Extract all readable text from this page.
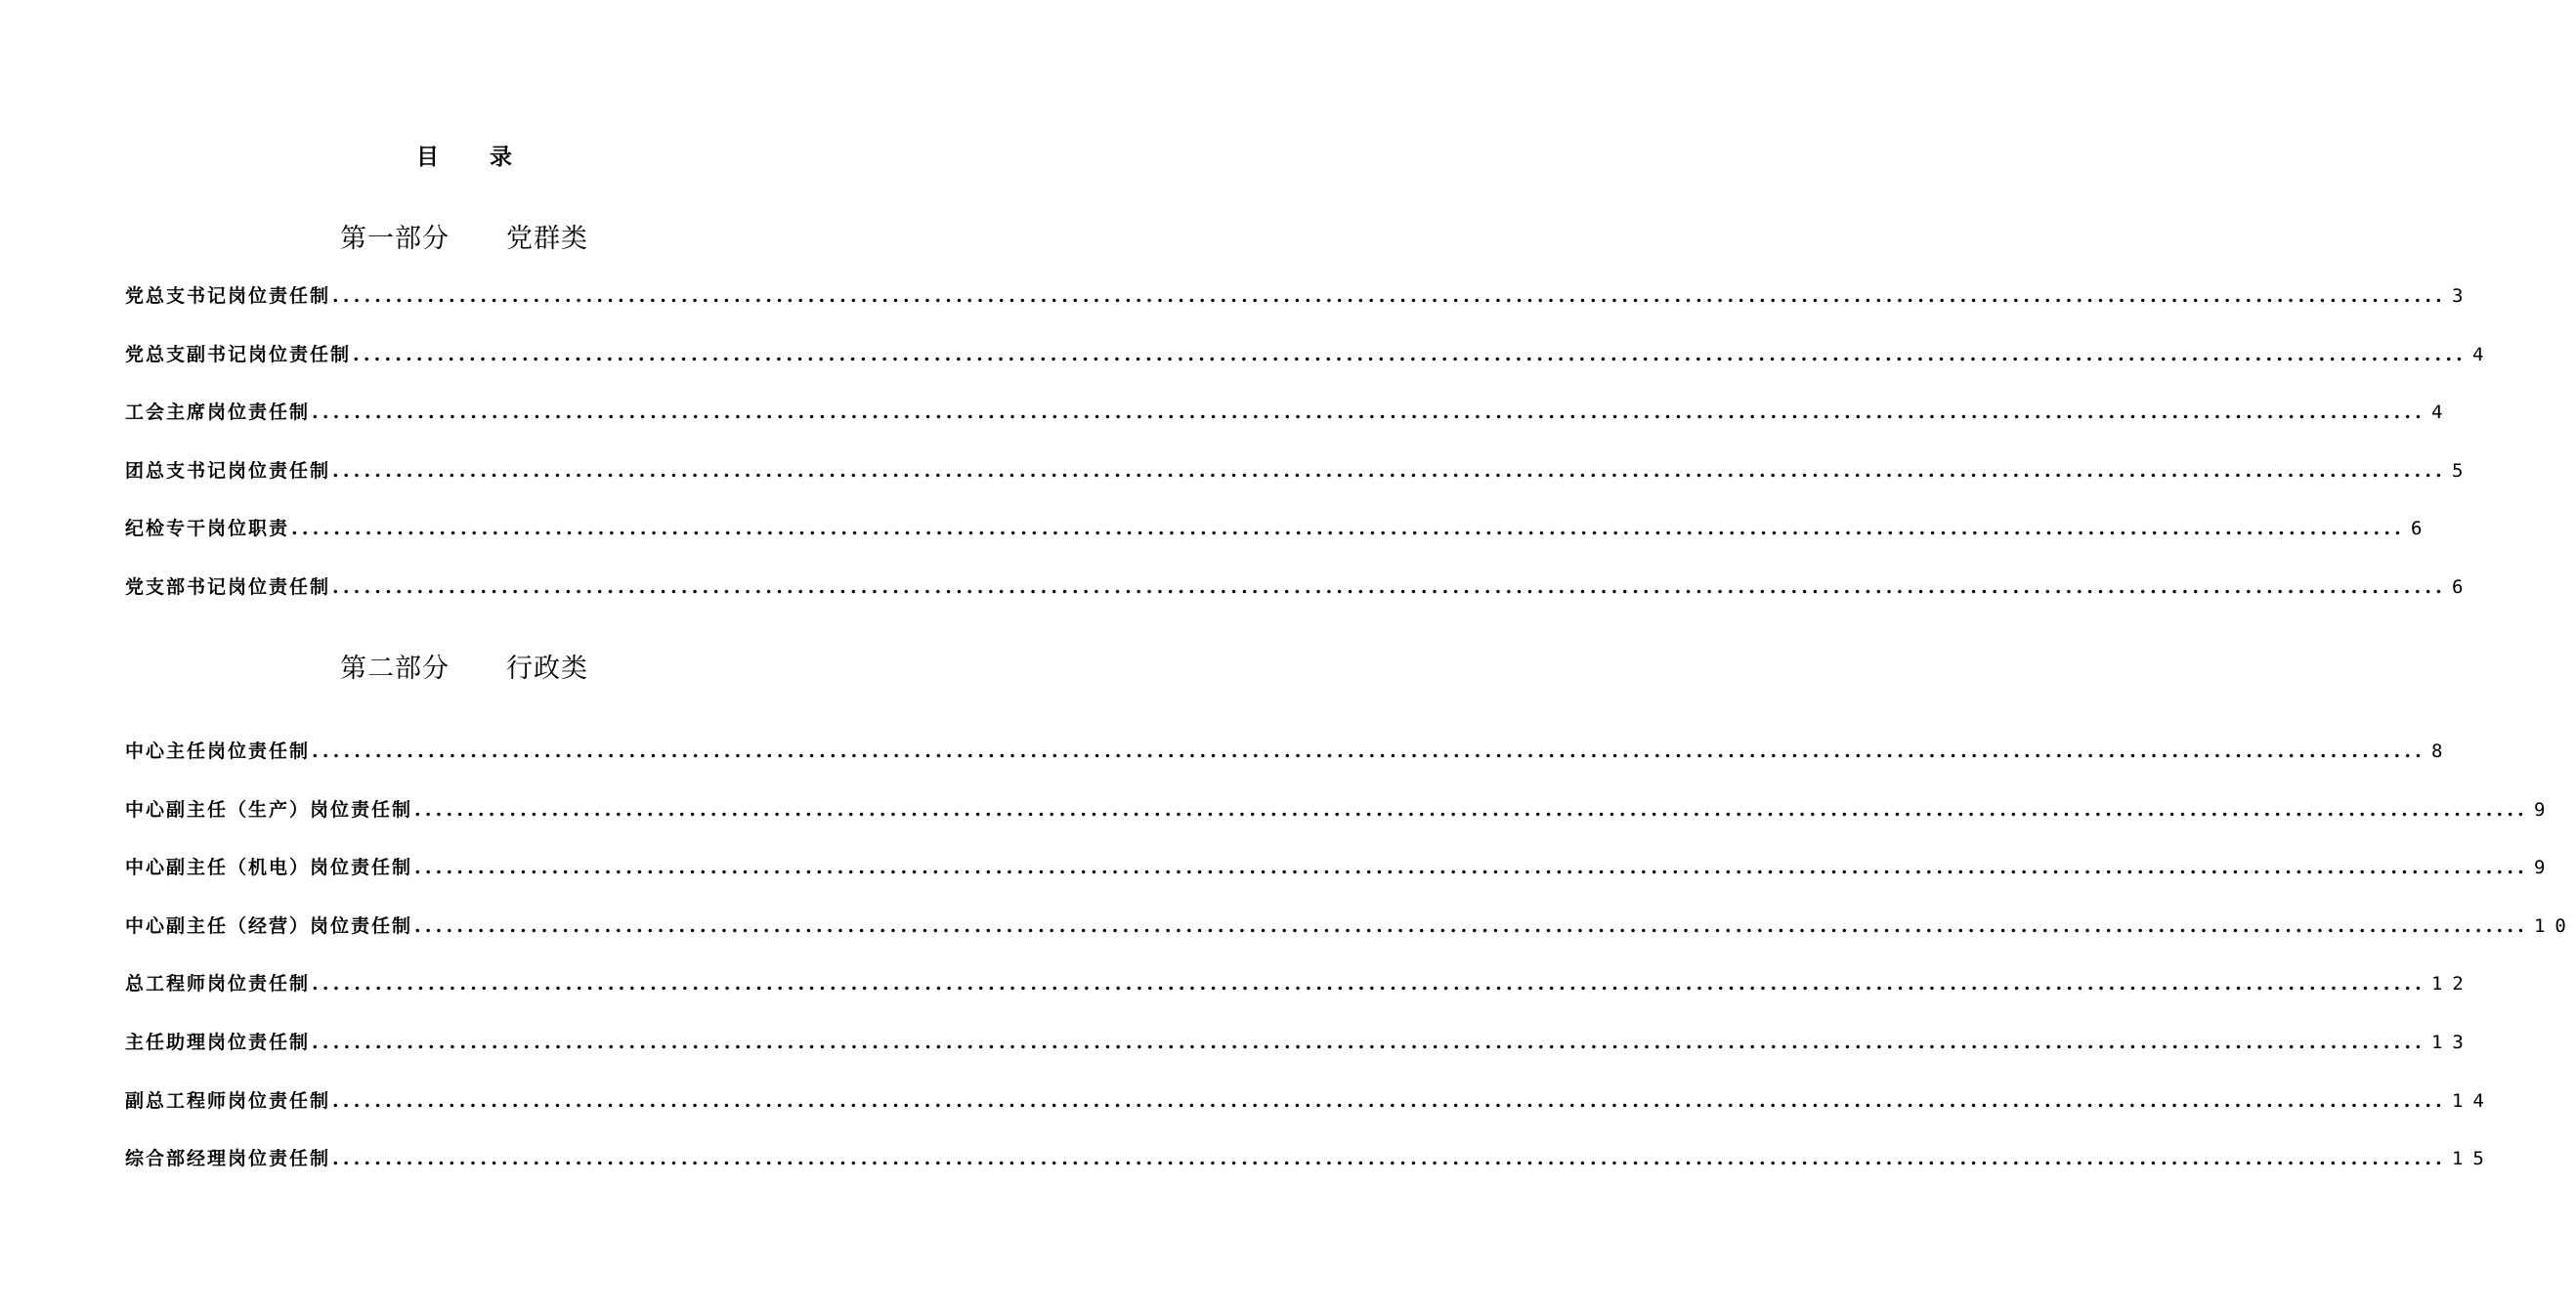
目 录
第一部分 党群类
党总支书记岗位责任制 ........................................................................................................................................................................................................ 3
党总支副书记岗位责任制 ........................................................................................................................................................................................................ 4
工会主席岗位责任制 ........................................................................................................................................................................................................ 4
团总支书记岗位责任制 ........................................................................................................................................................................................................ 5
纪检专干岗位职责 ........................................................................................................................................................................................................ 6
党支部书记岗位责任制 ........................................................................................................................................................................................................ 6
第二部分 行政类
中心主任岗位责任制 ........................................................................................................................................................................................................ 8
中心副主任（生产）岗位责任制 ........................................................................................................................................................................................................ 9
中心副主任（机电）岗位责任制 ........................................................................................................................................................................................................ 9
中心副主任（经营）岗位责任制 ........................................................................................................................................................................................................ 10
总工程师岗位责任制 ........................................................................................................................................................................................................ 12
主任助理岗位责任制 ........................................................................................................................................................................................................ 13
副总工程师岗位责任制 ........................................................................................................................................................................................................ 14
综合部经理岗位责任制 ........................................................................................................................................................................................................ 15
